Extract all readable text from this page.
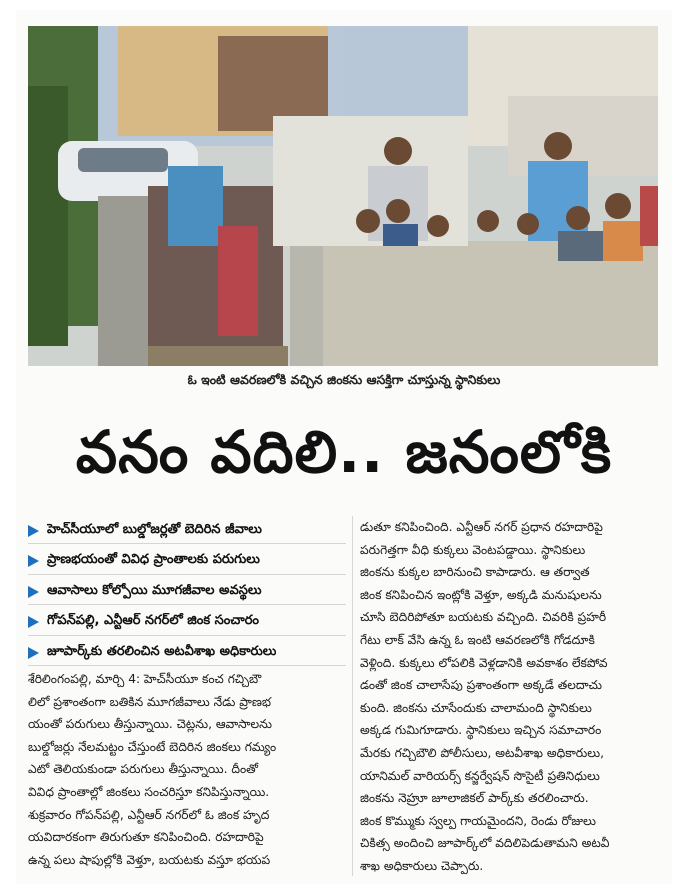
ఓ ఇంటి ఆవరణలోకి వచ్చిన జింకను ఆసక్తిగా చూస్తున్న స్థానికులు
వనం వదిలి.. జనంలోకి
హెచ్‌సీయూలో బుల్డోజర్లతో బెదిరిన జీవాలు
ప్రాణభయంతో వివిధ ప్రాంతాలకు పరుగులు
ఆవాసాలు కోల్పోయి మూగజీవాల అవస్థలు
గోపన్‌పల్లి, ఎన్టీఆర్ నగర్‌లో జింక సంచారం
జూపార్క్‌కు తరలించిన అటవీశాఖ అధికారులు
శేరిలింగంపల్లి, మార్చి 4: హెచ్‌సీయూ కంచ గచ్చిబౌ
లిలో ప్రశాంతంగా బతికిన మూగజీవాలు నేడు ప్రాణభ
యంతో పరుగులు తీస్తున్నాయి. చెట్లను, ఆవాసాలను
బుల్డోజర్లు నేలమట్టం చేస్తుంటే బెదిరిన జింకలు గమ్యం
ఎటో తెలియకుండా పరుగులు తీస్తున్నాయి. దీంతో
వివిధ ప్రాంతాల్లో జింకలు సంచరిస్తూ కనిపిస్తున్నాయి.
శుక్రవారం గోపన్‌పల్లి, ఎన్టీఆర్ నగర్‌లో ఓ జింక హృద
యవిదారకంగా తిరుగుతూ కనిపించింది. రహదారిపై
ఉన్న పలు షాపుల్లోకి వెళ్తూ, బయటకు వస్తూ భయప
డుతూ కనిపించింది. ఎన్టీఆర్ నగర్ ప్రధాన రహదారిపై
పరుగెత్తగా వీధి కుక్కలు వెంటపడ్డాయి. స్థానికులు
జింకను కుక్కల బారినుంచి కాపాడారు. ఆ తర్వాత
జింక కనిపించిన ఇంట్లోకి వెళ్తూ, అక్కడి మనుషులను
చూసి బెదిరిపోతూ బయటకు వచ్చింది. చివరికి ప్రహరీ
గేటు లాక్ వేసి ఉన్న ఓ ఇంటి ఆవరణలోకి గోడదూకి
వెళ్లింది. కుక్కలు లోపలికి వెళ్లడానికి అవకాశం లేకపోవ
డంతో జింక చాలాసేపు ప్రశాంతంగా అక్కడే తలదాచు
కుంది. జింకను చూసేందుకు చాలామంది స్థానికులు
అక్కడ గుమిగూడారు. స్థానికులు ఇచ్చిన సమాచారం
మేరకు గచ్చిబౌలి పోలీసులు, అటవీశాఖ అధికారులు,
యానిమల్ వారియర్స్ కన్జర్వేషన్ సొసైటీ ప్రతినిధులు
జింకను నెహ్రూ జూలాజికల్ పార్క్‌కు తరలించారు.
జింక కొమ్ముకు స్వల్ప గాయమైందని, రెండు రోజులు
చికిత్స అందించి జూపార్క్‌లో వదిలిపెడుతామని అటవీ
శాఖ అధికారులు చెప్పారు.
